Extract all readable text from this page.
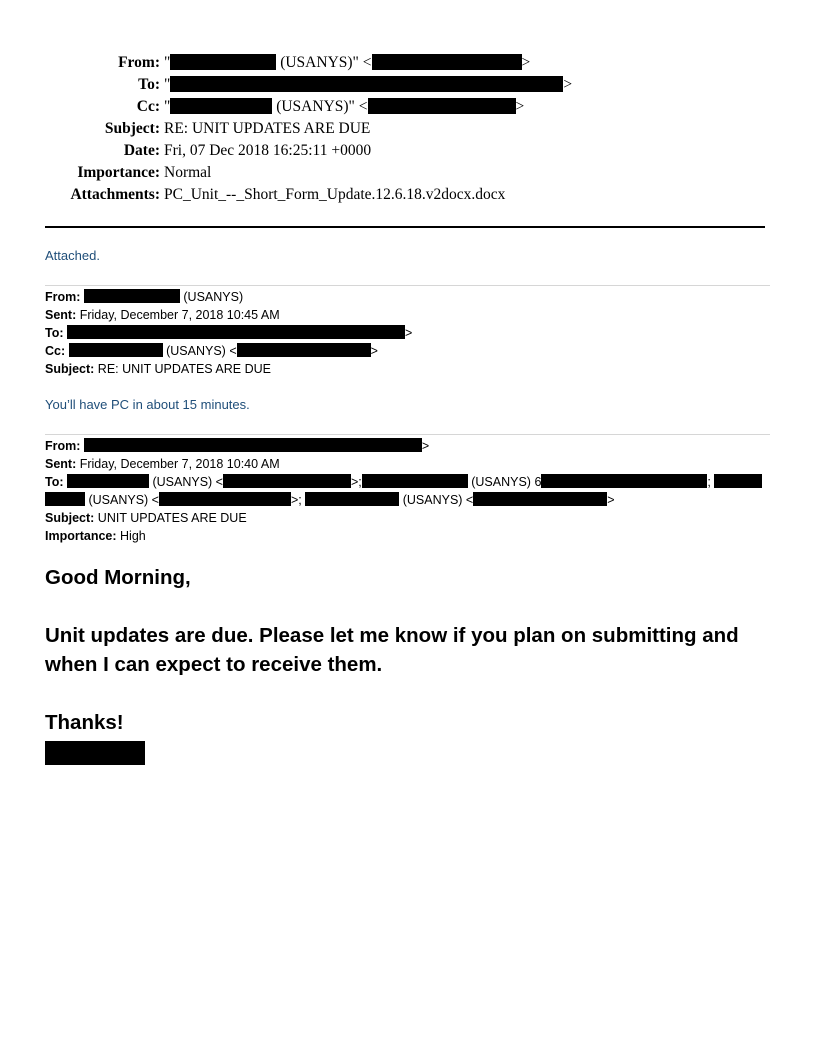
From: "	(USANYS)" <	>
To: "	>
Cc: "	(USANYS)" <	>
Subject: RE: UNIT UPDATES ARE DUE
Date: Fri, 07 Dec 2018 16:25:11 +0000
Importance: Normal
Attachments: PC_Unit_--_Short_Form_Update.12.6.18.v2docx.docx
Attached.
From:	(USANYS)
Sent: Friday, December 7, 2018 10:45 AM
To:	>
Cc:	(USANYS) <	>
Subject: RE: UNIT UPDATES ARE DUE
You’ll have PC in about 15 minutes.
From:	>
Sent: Friday, December 7, 2018 10:40 AM
To:	(USANYS) <	>;	(USANYS) 6	;
(USANYS) <	>;	(USANYS) <	>
Subject: UNIT UPDATES ARE DUE
Importance: High
Good Morning,
Unit updates are due. Please let me know if you plan on submitting and when I can expect to receive them.
Thanks!
